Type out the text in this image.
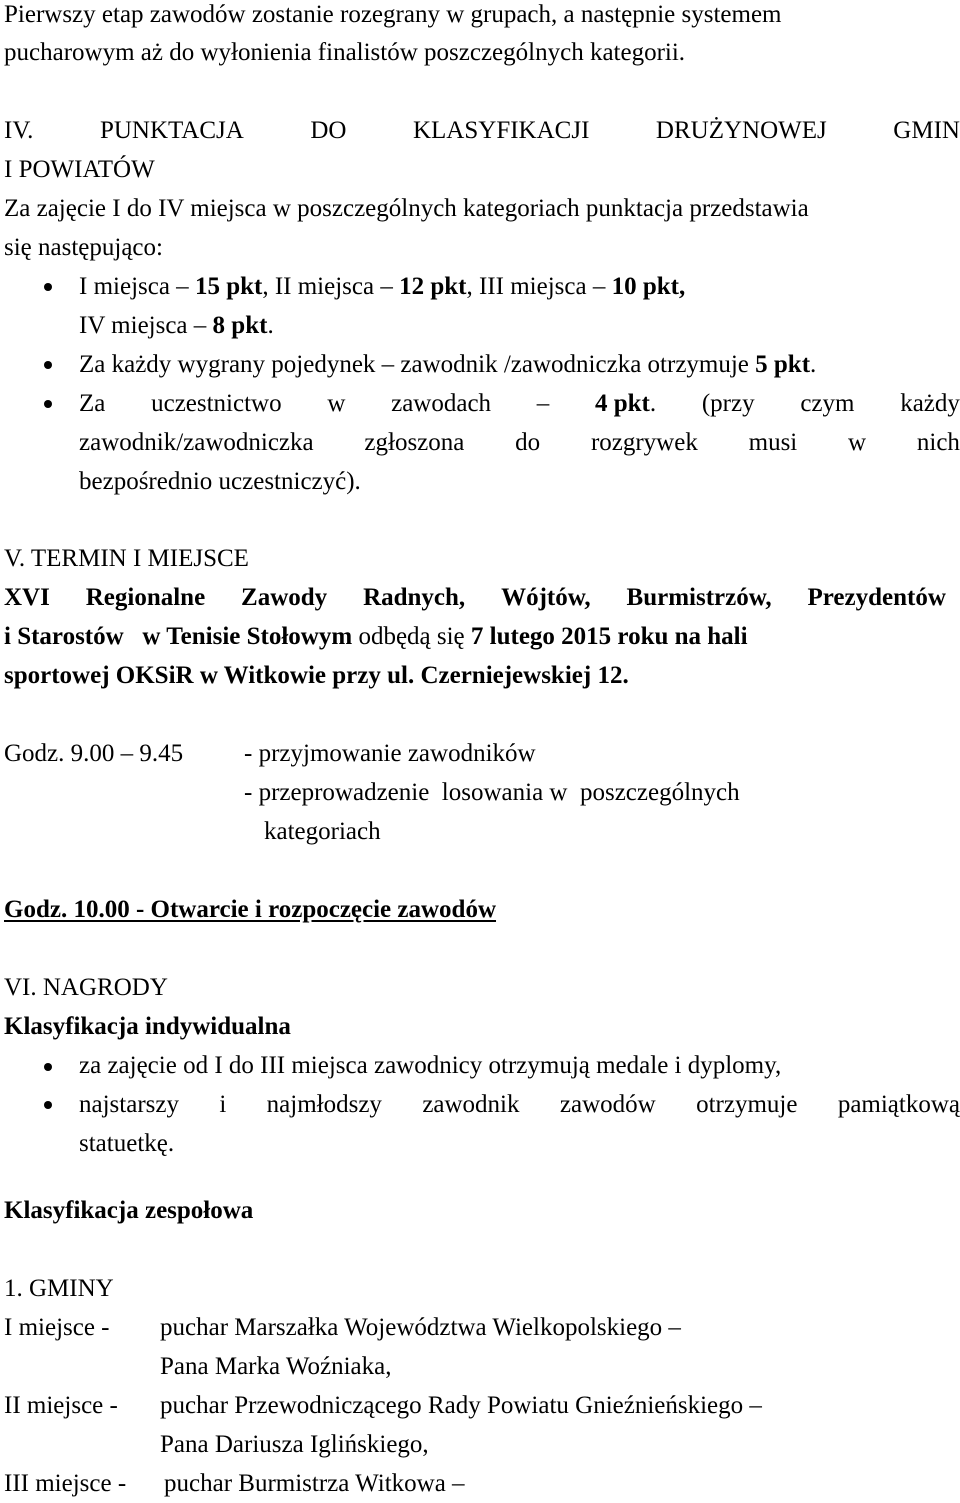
Pierwszy etap zawodów zostanie rozegrany w grupach, a następnie systemem
pucharowym aż do wyłonienia finalistów poszczególnych kategorii.
IV.	PUNKTACJA	DO	KLASYFIKACJI	DRUŻYNOWEJ	GMIN
I POWIATÓW
Za zajęcie I do IV miejsca w poszczególnych kategoriach punktacja przedstawia
się następująco:
I miejsca – 15 pkt, II miejsca – 12 pkt, III miejsca – 10 pkt,
IV miejsca – 8 pkt.
Za każdy wygrany pojedynek – zawodnik /zawodniczka otrzymuje 5 pkt.
Za uczestnictwo w zawodach – 4 pkt. (przy czym każdy
zawodnik/zawodniczka zgłoszona do rozgrywek musi w nich
bezpośrednio uczestniczyć).
V. TERMIN I MIEJSCE
XVI Regionalne Zawody Radnych, Wójtów, Burmistrzów, Prezydentów
i Starostów   w Tenisie Stołowym odbędą się 7 lutego 2015 roku na hali
sportowej OKSiR w Witkowie przy ul. Czerniejewskiej 12.
Godz. 9.00 – 9.45	- przyjmowanie zawodników
- przeprowadzenie  losowania w  poszczególnych
kategoriach
Godz. 10.00 - Otwarcie i rozpoczęcie zawodów
VI. NAGRODY
Klasyfikacja indywidualna
za zajęcie od I do III miejsca zawodnicy otrzymują medale i dyplomy,
najstarszy i najmłodszy zawodnik zawodów otrzymuje pamiątkową
statuetkę.
Klasyfikacja zespołowa
1. GMINY
I miejsce -	puchar Marszałka Województwa Wielkopolskiego –
Pana Marka Woźniaka,
II miejsce -	puchar Przewodniczącego Rady Powiatu Gnieźnieńskiego –
Pana Dariusza Iglińskiego,
III miejsce -	puchar Burmistrza Witkowa –
